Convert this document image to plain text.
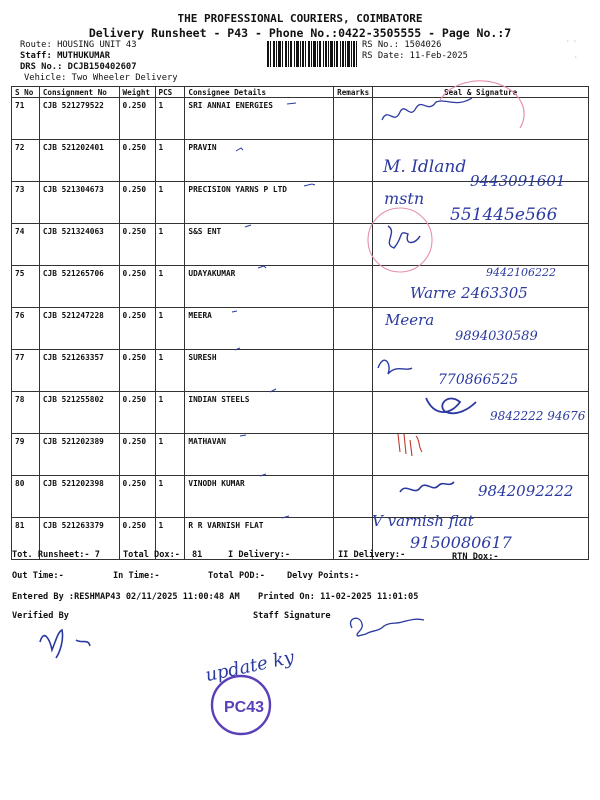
THE PROFESSIONAL COURIERS, COIMBATORE
Delivery Runsheet - P43 - Phone No.:0422-3505555 - Page No.:7
Route: HOUSING UNIT 43
Staff: MUTHUKUMAR
DRS No.: DCJB150402607
Vehicle: Two Wheeler Delivery
RS No.: 1504026
RS Date: 11-Feb-2025
S No	Consignment No	Weight	PCS	Consignee Details	Remarks	Seal & Signature
71	CJB 521279522	0.250	1	SRI ANNAI ENERGIES		
72	CJB 521202401	0.250	1	PRAVIN		
73	CJB 521304673	0.250	1	PRECISION YARNS P LTD		
74	CJB 521324063	0.250	1	S&S ENT		
75	CJB 521265706	0.250	1	UDAYAKUMAR		
76	CJB 521247228	0.250	1	MEERA		
77	CJB 521263357	0.250	1	SURESH		
78	CJB 521255802	0.250	1	INDIAN STEELS		
79	CJB 521202389	0.250	1	MATHAVAN		
80	CJB 521202398	0.250	1	VINODH KUMAR		
81	CJB 521263379	0.250	1	R R VARNISH FLAT		
Tot. Runsheet:- 7	Total Dox:- 81	I Delivery:-	II Delivery:-	RTN Dox:-
Out Time:-	In Time:-	Total POD:-	Delvy Points:-
Entered By :RESHMAP43 02/11/2025 11:00:48 AM Printed On: 11-02-2025 11:01:05
Verified By	Staff Signature
· ·
·
M. Idland
9443091601
mstn
551445e566
9442106222
Warre 2463305
Meera
9894030589
770866525
9842222 94676
9842092222
V varnish flat
9150080617
update ky
PC43
